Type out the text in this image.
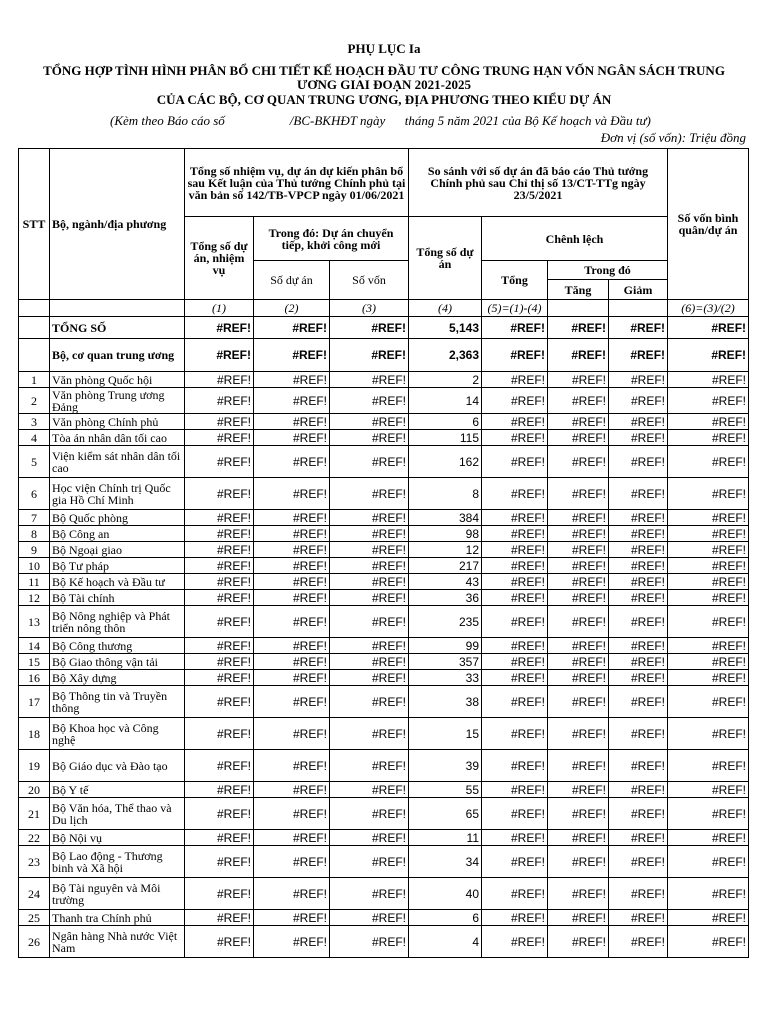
PHỤ LỤC Ia
TỔNG HỢP TÌNH HÌNH PHÂN BỔ CHI TIẾT KẾ HOẠCH ĐẦU TƯ CÔNG TRUNG HẠN VỐN NGÂN SÁCH TRUNG ƯƠNG GIAI ĐOẠN 2021-2025
CỦA CÁC BỘ, CƠ QUAN TRUNG ƯƠNG, ĐỊA PHƯƠNG THEO KIỂU DỰ ÁN
(Kèm theo Báo cáo số                    /BC-BKHĐT ngày      tháng 5 năm 2021 của Bộ Kế hoạch và Đầu tư)
Đơn vị (số vốn): Triệu đồng
STT	Bộ, ngành/địa phương	Tổng số nhiệm vụ, dự án dự kiến phân bổ sau Kết luận của Thủ tướng Chính phủ tại văn bản số 142/TB-VPCP ngày 01/06/2021			So sánh với số dự án đã báo cáo Thủ tướng Chính phủ sau Chỉ thị số 13/CT-TTg ngày 23/5/2021				Số vốn bình quân/dự án
		Tổng số dự án, nhiệm vụ	Trong đó: Dự án chuyển tiếp, khởi công mới		Tổng số dự án	Chênh lệch			
			Số dự án	Số vốn		Tổng	Trong đó		
							Tăng	Giảm	
		(1)	(2)	(3)	(4)	(5)=(1)-(4)			(6)=(3)/(2)
	TỔNG SỐ	#REF!	#REF!	#REF!	5,143	#REF!	#REF!	#REF!	#REF!
	Bộ, cơ quan trung ương	#REF!	#REF!	#REF!	2,363	#REF!	#REF!	#REF!	#REF!
1	Văn phòng Quốc hội	#REF!	#REF!	#REF!	2	#REF!	#REF!	#REF!	#REF!
2	Văn phòng Trung ương Đảng	#REF!	#REF!	#REF!	14	#REF!	#REF!	#REF!	#REF!
3	Văn phòng Chính phủ	#REF!	#REF!	#REF!	6	#REF!	#REF!	#REF!	#REF!
4	Tòa án nhân dân tối cao	#REF!	#REF!	#REF!	115	#REF!	#REF!	#REF!	#REF!
5	Viện kiểm sát nhân dân tối cao	#REF!	#REF!	#REF!	162	#REF!	#REF!	#REF!	#REF!
6	Học viện Chính trị Quốc gia Hồ Chí Minh	#REF!	#REF!	#REF!	8	#REF!	#REF!	#REF!	#REF!
7	Bộ Quốc phòng	#REF!	#REF!	#REF!	384	#REF!	#REF!	#REF!	#REF!
8	Bộ Công an	#REF!	#REF!	#REF!	98	#REF!	#REF!	#REF!	#REF!
9	Bộ Ngoại giao	#REF!	#REF!	#REF!	12	#REF!	#REF!	#REF!	#REF!
10	Bộ Tư pháp	#REF!	#REF!	#REF!	217	#REF!	#REF!	#REF!	#REF!
11	Bộ Kế hoạch và Đầu tư	#REF!	#REF!	#REF!	43	#REF!	#REF!	#REF!	#REF!
12	Bộ Tài chính	#REF!	#REF!	#REF!	36	#REF!	#REF!	#REF!	#REF!
13	Bộ Nông nghiệp và Phát triển nông thôn	#REF!	#REF!	#REF!	235	#REF!	#REF!	#REF!	#REF!
14	Bộ Công thương	#REF!	#REF!	#REF!	99	#REF!	#REF!	#REF!	#REF!
15	Bộ Giao thông vận tải	#REF!	#REF!	#REF!	357	#REF!	#REF!	#REF!	#REF!
16	Bộ Xây dựng	#REF!	#REF!	#REF!	33	#REF!	#REF!	#REF!	#REF!
17	Bộ Thông tin và Truyền thông	#REF!	#REF!	#REF!	38	#REF!	#REF!	#REF!	#REF!
18	Bộ Khoa học và Công nghệ	#REF!	#REF!	#REF!	15	#REF!	#REF!	#REF!	#REF!
19	Bộ Giáo dục và Đào tạo	#REF!	#REF!	#REF!	39	#REF!	#REF!	#REF!	#REF!
20	Bộ Y tế	#REF!	#REF!	#REF!	55	#REF!	#REF!	#REF!	#REF!
21	Bộ Văn hóa, Thể thao và Du lịch	#REF!	#REF!	#REF!	65	#REF!	#REF!	#REF!	#REF!
22	Bộ Nội vụ	#REF!	#REF!	#REF!	11	#REF!	#REF!	#REF!	#REF!
23	Bộ Lao động - Thương binh và Xã hội	#REF!	#REF!	#REF!	34	#REF!	#REF!	#REF!	#REF!
24	Bộ Tài nguyên và Môi trường	#REF!	#REF!	#REF!	40	#REF!	#REF!	#REF!	#REF!
25	Thanh tra Chính phủ	#REF!	#REF!	#REF!	6	#REF!	#REF!	#REF!	#REF!
26	Ngân hàng Nhà nước Việt Nam	#REF!	#REF!	#REF!	4	#REF!	#REF!	#REF!	#REF!
